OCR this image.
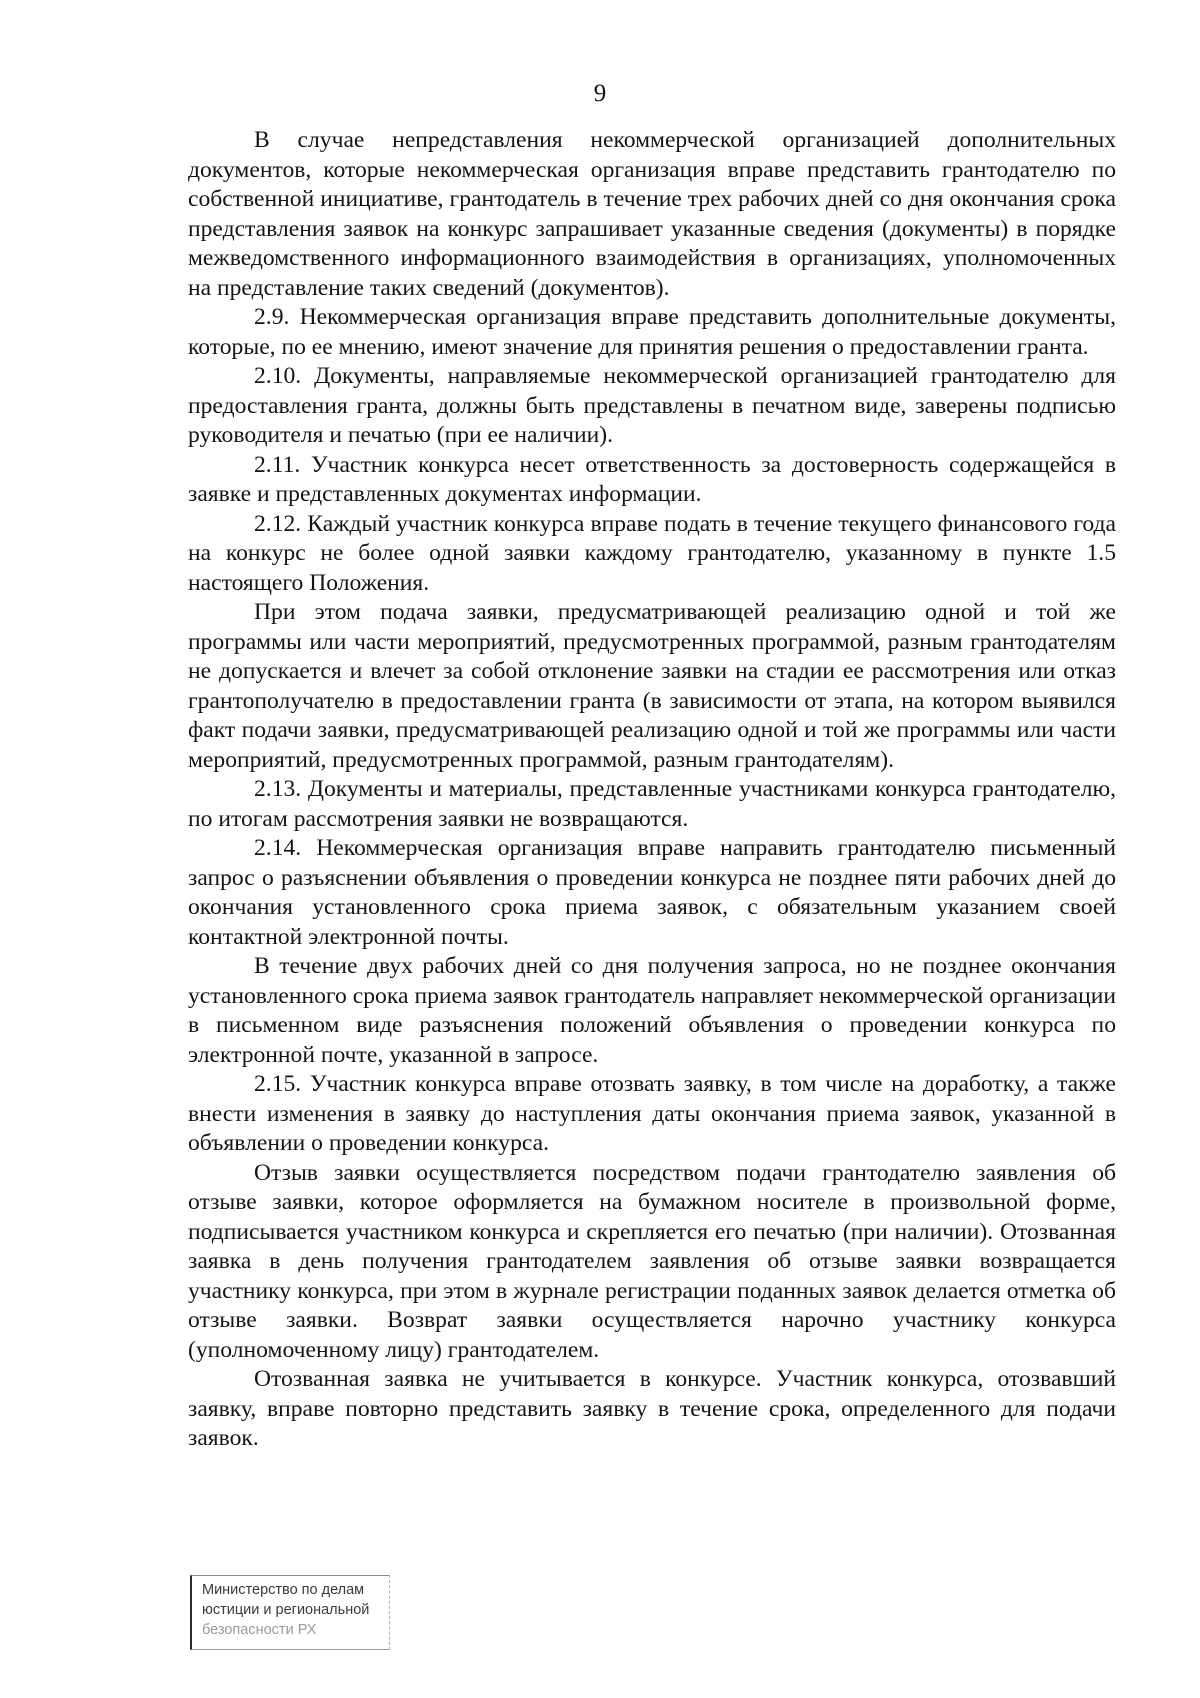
9

В случае непредставления некоммерческой организацией дополнительных документов, которые некоммерческая организация вправе представить грантодателю по собственной инициативе, грантодатель в течение трех рабочих дней со дня окончания срока представления заявок на конкурс запрашивает указанные сведения (документы) в порядке межведомственного информационного взаимодействия в организациях, уполномоченных на представление таких сведений (документов).

2.9. Некоммерческая организация вправе представить дополнительные документы, которые, по ее мнению, имеют значение для принятия решения о предоставлении гранта.

2.10. Документы, направляемые некоммерческой организацией грантодателю для предоставления гранта, должны быть представлены в печатном виде, заверены подписью руководителя и печатью (при ее наличии).

2.11. Участник конкурса несет ответственность за достоверность содержащейся в заявке и представленных документах информации.

2.12. Каждый участник конкурса вправе подать в течение текущего финансового года на конкурс не более одной заявки каждому грантодателю, указанному в пункте 1.5 настоящего Положения.

При этом подача заявки, предусматривающей реализацию одной и той же программы или части мероприятий, предусмотренных программой, разным грантодателям не допускается и влечет за собой отклонение заявки на стадии ее рассмотрения или отказ грантополучателю в предоставлении гранта (в зависимости от этапа, на котором выявился факт подачи заявки, предусматривающей реализацию одной и той же программы или части мероприятий, предусмотренных программой, разным грантодателям).

2.13. Документы и материалы, представленные участниками конкурса грантодателю, по итогам рассмотрения заявки не возвращаются.

2.14. Некоммерческая организация вправе направить грантодателю письменный запрос о разъяснении объявления о проведении конкурса не позднее пяти рабочих дней до окончания установленного срока приема заявок, с обязательным указанием своей контактной электронной почты.

В течение двух рабочих дней со дня получения запроса, но не позднее окончания установленного срока приема заявок грантодатель направляет некоммерческой организации в письменном виде разъяснения положений объявления о проведении конкурса по электронной почте, указанной в запросе.

2.15. Участник конкурса вправе отозвать заявку, в том числе на доработку, а также внести изменения в заявку до наступления даты окончания приема заявок, указанной в объявлении о проведении конкурса.

Отзыв заявки осуществляется посредством подачи грантодателю заявления об отзыве заявки, которое оформляется на бумажном носителе в произвольной форме, подписывается участником конкурса и скрепляется его печатью (при наличии). Отозванная заявка в день получения грантодателем заявления об отзыве заявки возвращается участнику конкурса, при этом в журнале регистрации поданных заявок делается отметка об отзыве заявки. Возврат заявки осуществляется нарочно участнику конкурса (уполномоченному лицу) грантодателем.

Отозванная заявка не учитывается в конкурсе. Участник конкурса, отозвавший заявку, вправе повторно представить заявку в течение срока, определенного для подачи заявок.

Министерство по делам
юстиции и региональной
безопасности РХ
